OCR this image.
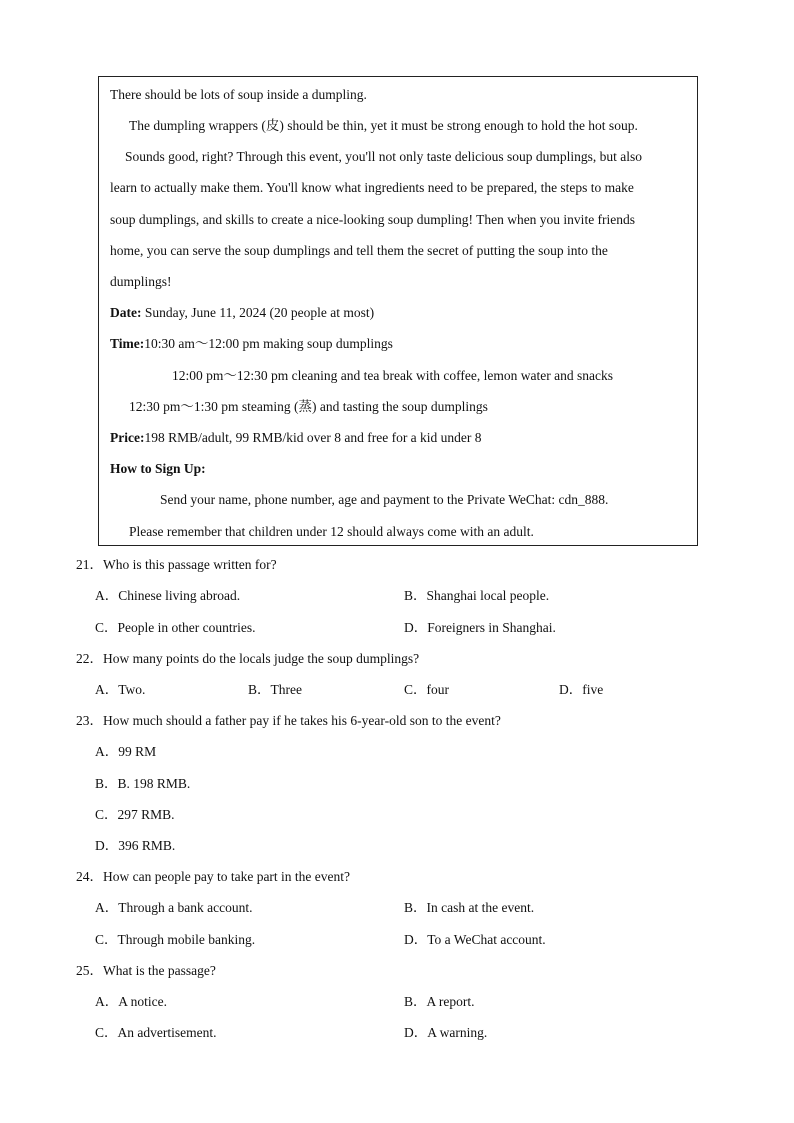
There should be lots of soup inside a dumpling.
The dumpling wrappers (皮) should be thin, yet it must be strong enough to hold the hot soup.
Sounds good, right? Through this event, you'll not only taste delicious soup dumplings, but also
learn to actually make them. You'll know what ingredients need to be prepared, the steps to make
soup dumplings, and skills to create a nice-looking soup dumpling! Then when you invite friends
home, you can serve the soup dumplings and tell them the secret of putting the soup into the
dumplings!
Date: Sunday, June 11, 2024 (20 people at most)
Time:10:30 am～12:00 pm making soup dumplings
12:00 pm～12:30 pm cleaning and tea break with coffee, lemon water and snacks
12:30 pm～1:30 pm steaming (蒸) and tasting the soup dumplings
Price:198 RMB/adult, 99 RMB/kid over 8 and free for a kid under 8
How to Sign Up:
Send your name, phone number, age and payment to the Private WeChat: cdn_888.
Please remember that children under 12 should always come with an adult.
21．Who is this passage written for?
A．Chinese living abroad.	B．Shanghai local people.
C．People in other countries.	D．Foreigners in Shanghai.
22．How many points do the locals judge the soup dumplings?
A．Two.	B．Three	C．four	D．five
23．How much should a father pay if he takes his 6-year-old son to the event?
A．99 RM
B．B. 198 RMB.
C．297 RMB.
D．396 RMB.
24．How can people pay to take part in the event?
A．Through a bank account.	B．In cash at the event.
C．Through mobile banking.	D．To a WeChat account.
25．What is the passage?
A．A notice.	B．A report.
C．An advertisement.	D．A warning.
